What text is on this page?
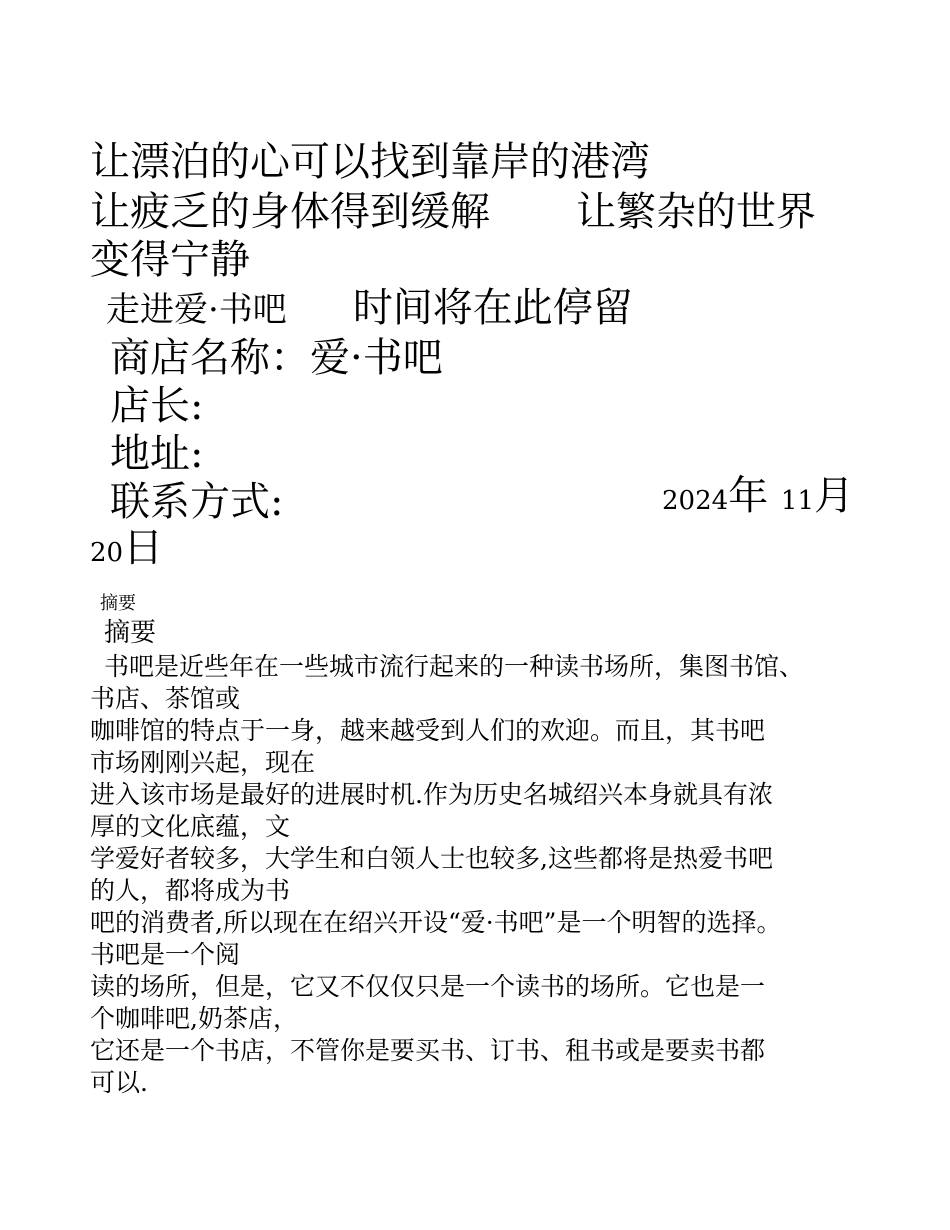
让漂泊的心可以找到靠岸的港湾
让疲乏的身体得到缓解 让繁杂的世界
变得宁静
走进爱·书吧 时间将在此停留
商店名称：爱·书吧
店长:
地址:
联系方式:	2024年 11月
20日
摘要
摘要
书吧是近些年在一些城市流行起来的一种读书场所，集图书馆、
书店、茶馆或
咖啡馆的特点于一身，越来越受到人们的欢迎。而且，其书吧
市场刚刚兴起，现在
进入该市场是最好的进展时机.作为历史名城绍兴本身就具有浓
厚的文化底蕴，文
学爱好者较多，大学生和白领人士也较多,这些都将是热爱书吧
的人，都将成为书
吧的消费者,所以现在在绍兴开设“爱·书吧”是一个明智的选择。
书吧是一个阅
读的场所，但是，它又不仅仅只是一个读书的场所。它也是一
个咖啡吧,奶茶店，
它还是一个书店，不管你是要买书、订书、租书或是要卖书都
可以.
